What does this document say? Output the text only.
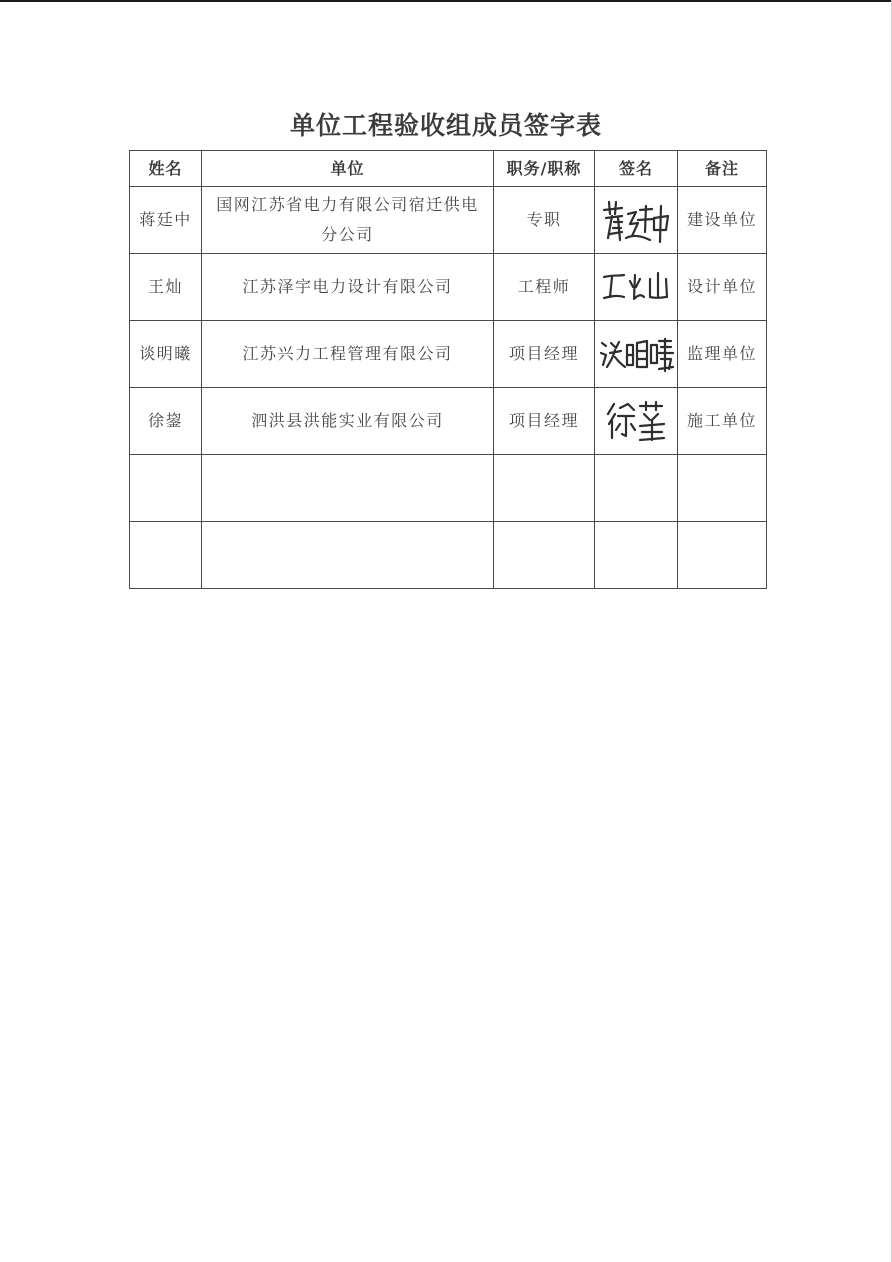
单位工程验收组成员签字表
姓名	单位	职务/职称	签名	备注
蒋廷中	国网江苏省电力有限公司宿迁供电分公司	专职		建设单位
王灿	江苏泽宇电力设计有限公司	工程师		设计单位
谈明曦	江苏兴力工程管理有限公司	项目经理		监理单位
徐鋆	泗洪县洪能实业有限公司	项目经理		施工单位
